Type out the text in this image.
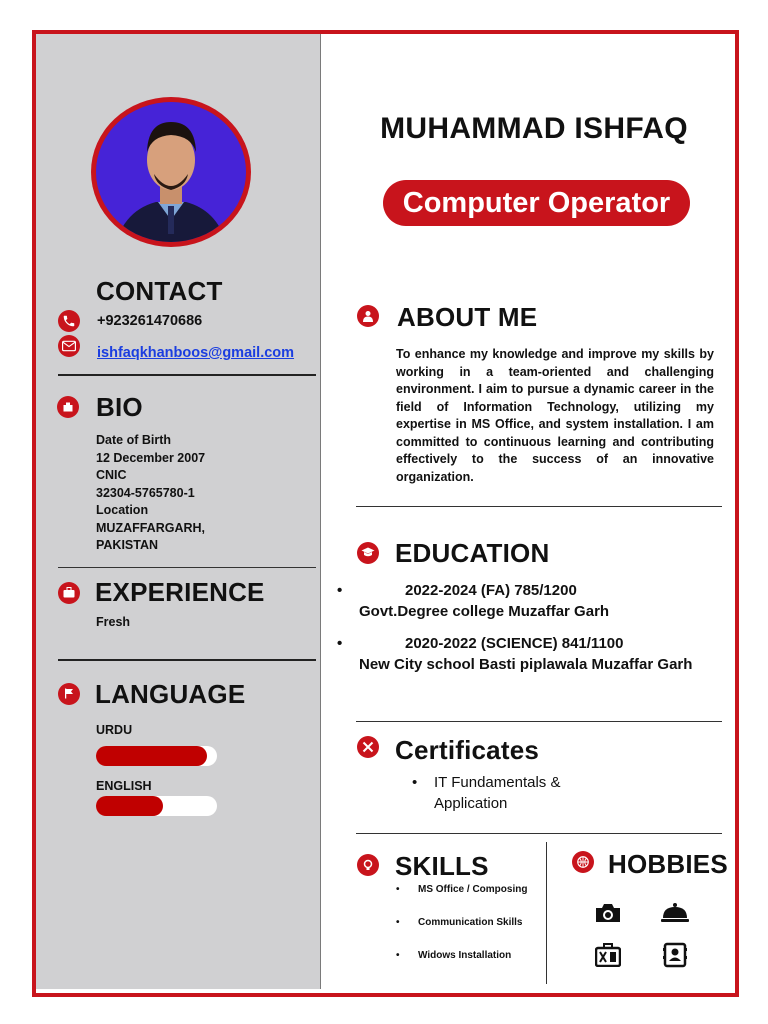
CONTACT
+923261470686
ishfaqkhanboos@gmail.com
BIO
Date of Birth
12 December 2007
CNIC
32304-5765780-1
Location
MUZAFFARGARH,
PAKISTAN
EXPERIENCE
Fresh
LANGUAGE
URDU
ENGLISH
MUHAMMAD ISHFAQ
Computer Operator
ABOUT ME
To enhance my knowledge and improve my skills by working in a team-oriented and challenging environment. I aim to pursue a dynamic career in the field of Information Technology, utilizing my expertise in MS Office, and system installation. I am committed to continuous learning and contributing effectively to the success of an innovative organization.
EDUCATION
• 2022-2024 (FA) 785/1200
Govt.Degree college Muzaffar Garh
• 2020-2022 (SCIENCE) 841/1100
New City school Basti piplawala Muzaffar Garh
Certificates
• IT Fundamentals & Application
SKILLS
• MS Office / Composing
• Communication Skills
• Widows Installation
HOBBIES
